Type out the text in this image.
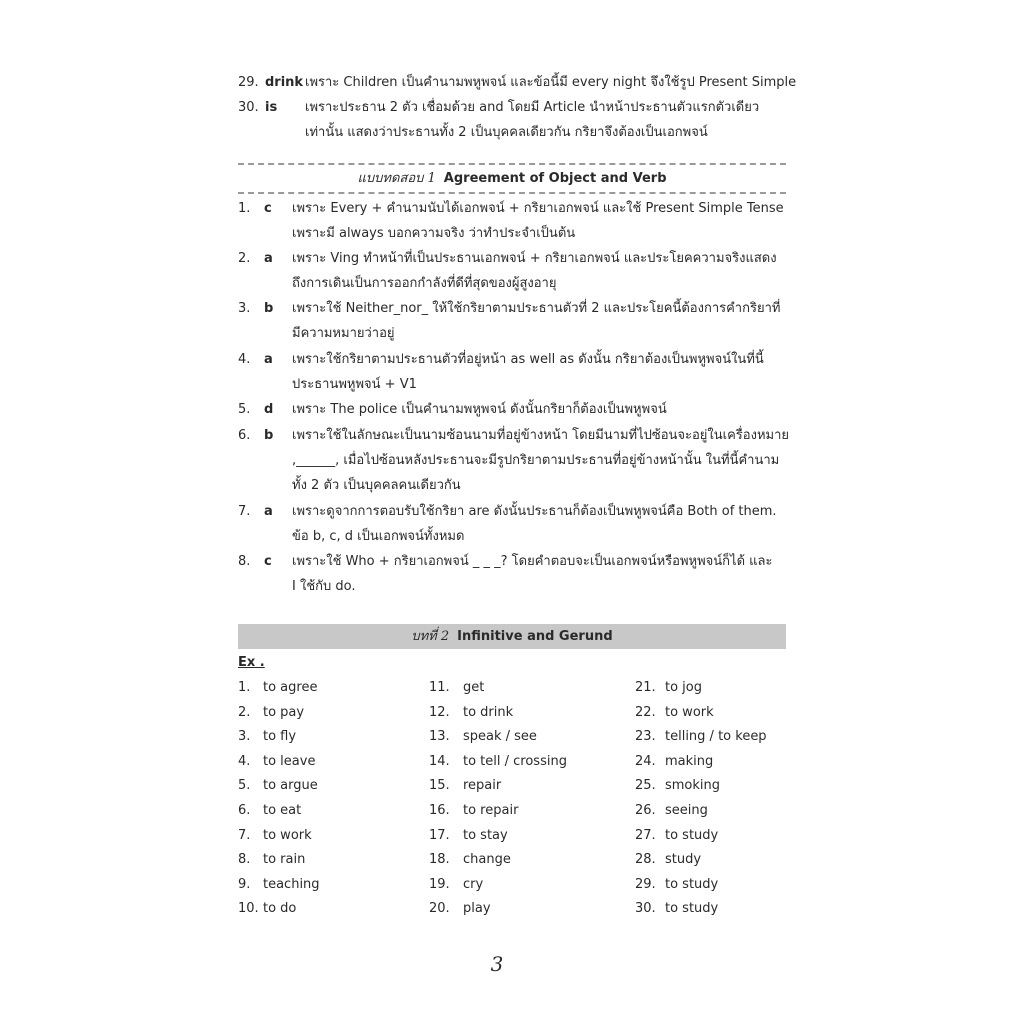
29. drink เพราะ Children เป็นคำนามพหูพจน์ และข้อนี้มี every night จึงใช้รูป Present Simple
30. is เพราะประธาน 2 ตัว เชื่อมด้วย and โดยมี Article นำหน้าประธานตัวแรกตัวเดียว
เท่านั้น แสดงว่าประธานทั้ง 2 เป็นบุคคลเดียวกัน กริยาจึงต้องเป็นเอกพจน์
แบบทดสอบ 1 Agreement of Object and Verb
1. c เพราะ Every + คำนามนับได้เอกพจน์ + กริยาเอกพจน์ และใช้ Present Simple Tense
เพราะมี always บอกความจริง ว่าทำประจำเป็นต้น
2. a เพราะ Ving ทำหน้าที่เป็นประธานเอกพจน์ + กริยาเอกพจน์ และประโยคความจริงแสดง
ถึงการเดินเป็นการออกกำลังที่ดีที่สุดของผู้สูงอายุ
3. b เพราะใช้ Neither_nor_ ให้ใช้กริยาตามประธานตัวที่ 2 และประโยคนี้ต้องการคำกริยาที่
มีความหมายว่าอยู่
4. a เพราะใช้กริยาตามประธานตัวที่อยู่หน้า as well as ดังนั้น กริยาต้องเป็นพหูพจน์ในที่นี้
ประธานพหูพจน์ + V1
5. d เพราะ The police เป็นคำนามพหูพจน์ ดังนั้นกริยาก็ต้องเป็นพหูพจน์
6. b เพราะใช้ในลักษณะเป็นนามซ้อนนามที่อยู่ข้างหน้า โดยมีนามที่ไปซ้อนจะอยู่ในเครื่องหมาย
,______, เมื่อไปซ้อนหลังประธานจะมีรูปกริยาตามประธานที่อยู่ข้างหน้านั้น ในที่นี้คำนาม
ทั้ง 2 ตัว เป็นบุคคลคนเดียวกัน
7. a เพราะดูจากการตอบรับใช้กริยา are ดังนั้นประธานก็ต้องเป็นพหูพจน์คือ Both of them.
ข้อ b, c, d เป็นเอกพจน์ทั้งหมด
8. c เพราะใช้ Who + กริยาเอกพจน์ _ _ _? โดยคำตอบจะเป็นเอกพจน์หรือพหูพจน์ก็ได้ และ
I ใช้กับ do.
บทที่ 2 Infinitive and Gerund
Ex .
1. to agree
2. to pay
3. to fly
4. to leave
5. to argue
6. to eat
7. to work
8. to rain
9. teaching
10. to do
11. get
12. to drink
13. speak / see
14. to tell / crossing
15. repair
16. to repair
17. to stay
18. change
19. cry
20. play
21. to jog
22. to work
23. telling / to keep
24. making
25. smoking
26. seeing
27. to study
28. study
29. to study
30. to study
3
